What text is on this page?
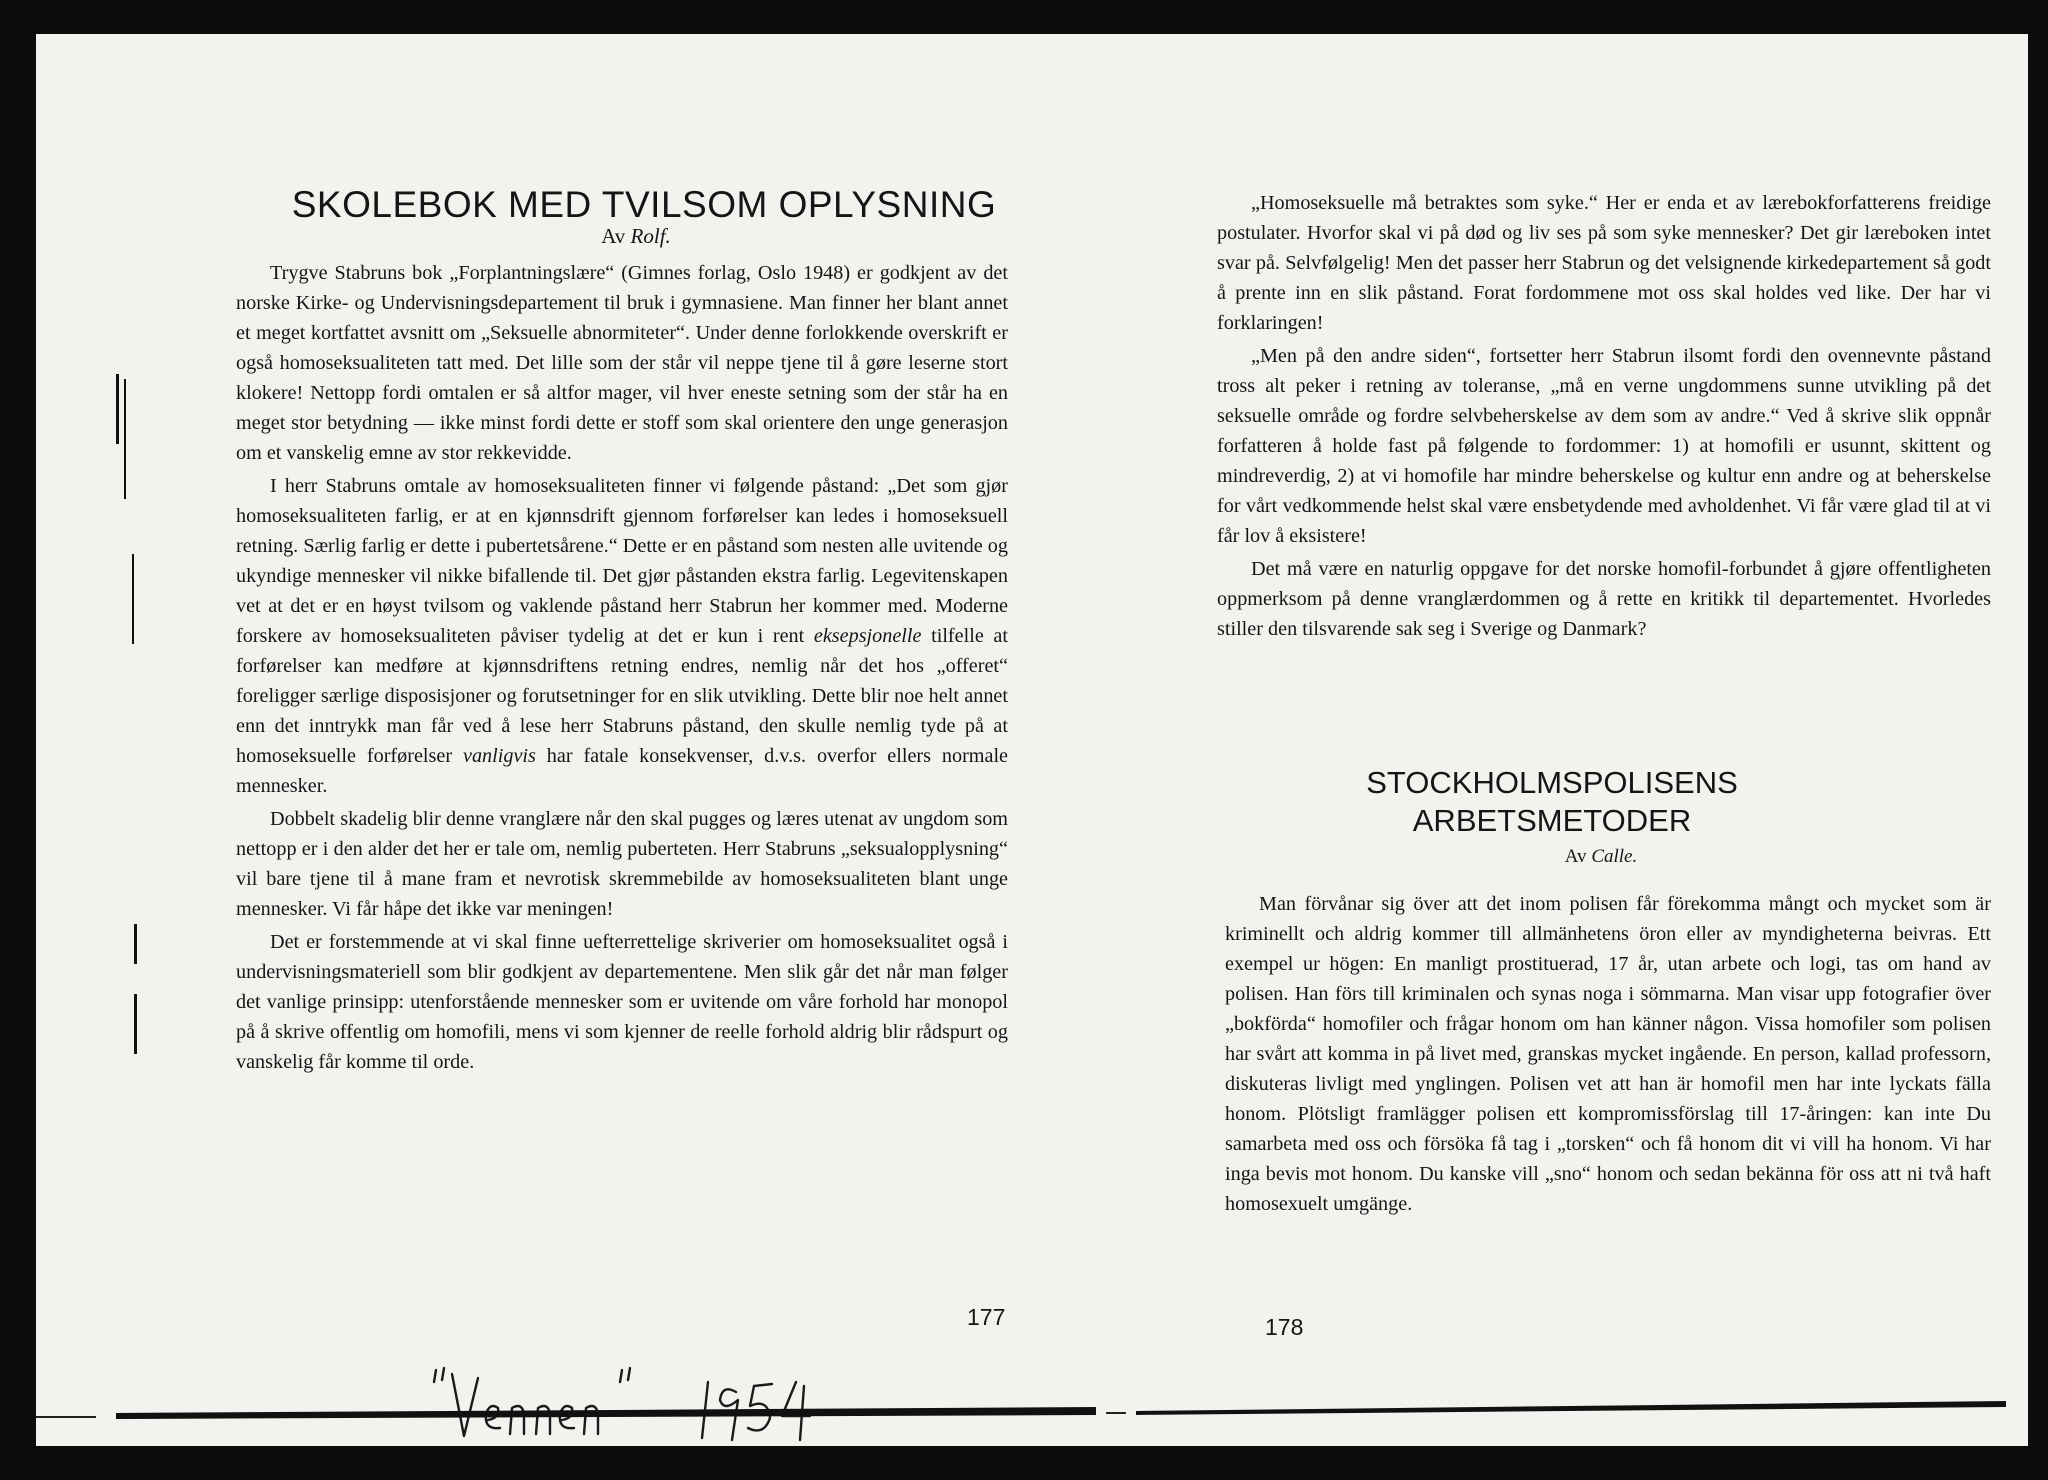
SKOLEBOK MED TVILSOM OPLYSNING
Av Rolf.

Trygve Stabruns bok „Forplantningslære“ (Gimnes forlag, Oslo 1948) er godkjent av det norske Kirke- og Undervisningsdepartement til bruk i gymnasiene. Man finner her blant annet et meget kortfattet avsnitt om „Seksuelle abnormiteter“. Under denne forlokkende overskrift er også homoseksualiteten tatt med. Det lille som der står vil neppe tjene til å gøre leserne stort klokere! Nettopp fordi omtalen er så altfor mager, vil hver eneste setning som der står ha en meget stor betydning — ikke minst fordi dette er stoff som skal orientere den unge generasjon om et vanskelig emne av stor rekkevidde.

I herr Stabruns omtale av homoseksualiteten finner vi følgende påstand: „Det som gjør homoseksualiteten farlig, er at en kjønnsdrift gjennom forførelser kan ledes i homoseksuell retning. Særlig farlig er dette i pubertetsårene.“ Dette er en påstand som nesten alle uvitende og ukyndige mennesker vil nikke bifallende til. Det gjør påstanden ekstra farlig. Legevitenskapen vet at det er en høyst tvilsom og vaklende påstand herr Stabrun her kommer med. Moderne forskere av homoseksualiteten påviser tydelig at det er kun i rent eksepsjonelle tilfelle at forførelser kan medføre at kjønnsdriftens retning endres, nemlig når det hos „offeret“ foreligger særlige disposisjoner og forutsetninger for en slik utvikling. Dette blir noe helt annet enn det inntrykk man får ved å lese herr Stabruns påstand, den skulle nemlig tyde på at homoseksuelle forførelser vanligvis har fatale konsekvenser, d.v.s. overfor ellers normale mennesker.

Dobbelt skadelig blir denne vranglære når den skal pugges og læres utenat av ungdom som nettopp er i den alder det her er tale om, nemlig puberteten. Herr Stabruns „seksualopplysning“ vil bare tjene til å mane fram et nevrotisk skremmebilde av homoseksualiteten blant unge mennesker. Vi får håpe det ikke var meningen!

Det er forstemmende at vi skal finne uefterrettelige skriverier om homoseksualitet også i undervisningsmateriell som blir godkjent av departementene. Men slik går det når man følger det vanlige prinsipp: utenforstående mennesker som er uvitende om våre forhold har monopol på å skrive offentlig om homofili, mens vi som kjenner de reelle forhold aldrig blir rådspurt og vanskelig får komme til orde.

177

„Homoseksuelle må betraktes som syke.“ Her er enda et av lærebokforfatterens freidige postulater. Hvorfor skal vi på død og liv ses på som syke mennesker? Det gir læreboken intet svar på. Selvfølgelig! Men det passer herr Stabrun og det velsignende kirkedepartement så godt å prente inn en slik påstand. Forat fordommene mot oss skal holdes ved like. Der har vi forklaringen!

„Men på den andre siden“, fortsetter herr Stabrun ilsomt fordi den ovennevnte påstand tross alt peker i retning av toleranse, „må en verne ungdommens sunne utvikling på det seksuelle område og fordre selvbeherskelse av dem som av andre.“ Ved å skrive slik oppnår forfatteren å holde fast på følgende to fordommer: 1) at homofili er usunnt, skittent og mindreverdig, 2) at vi homofile har mindre beherskelse og kultur enn andre og at beherskelse for vårt vedkommende helst skal være ensbetydende med avholdenhet. Vi får være glad til at vi får lov å eksistere!

Det må være en naturlig oppgave for det norske homofil-forbundet å gjøre offentligheten oppmerksom på denne vranglærdommen og å rette en kritikk til departementet. Hvorledes stiller den tilsvarende sak seg i Sverige og Danmark?

STOCKHOLMSPOLISENS
ARBETSMETODER
Av Calle.

Man förvånar sig över att det inom polisen får förekomma mångt och mycket som är kriminellt och aldrig kommer till allmänhetens öron eller av myndigheterna beivras. Ett exempel ur högen: En manligt prostituerad, 17 år, utan arbete och logi, tas om hand av polisen. Han förs till kriminalen och synas noga i sömmarna. Man visar upp fotografier över „bokförda“ homofiler och frågar honom om han känner någon. Vissa homofiler som polisen har svårt att komma in på livet med, granskas mycket ingående. En person, kallad professorn, diskuteras livligt med ynglingen. Polisen vet att han är homofil men har inte lyckats fälla honom. Plötsligt framlägger polisen ett kompromissförslag till 17-åringen: kan inte Du samarbeta med oss och försöka få tag i „torsken“ och få honom dit vi vill ha honom. Vi har inga bevis mot honom. Du kanske vill „sno“ honom och sedan bekänna för oss att ni två haft homosexuelt umgänge.

178
